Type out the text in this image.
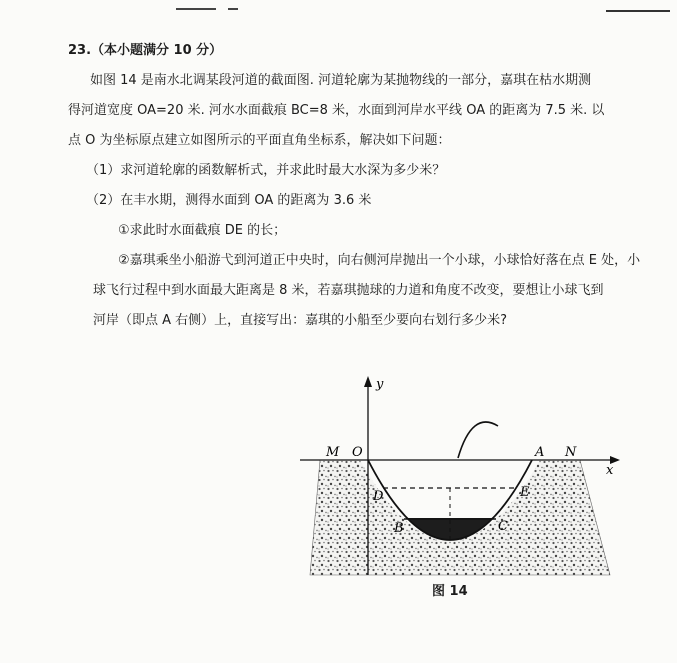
23.（本小题满分 10 分）

如图 14 是南水北调某段河道的截面图. 河道轮廓为某抛物线的一部分，嘉琪在枯水期测
得河道宽度 OA=20 米. 河水水面截痕 BC=8 米，水面到河岸水平线 OA 的距离为 7.5 米. 以
点 O 为坐标原点建立如图所示的平面直角坐标系，解决如下问题：

（1）求河道轮廓的函数解析式，并求此时最大水深为多少米？

（2）在丰水期，测得水面到 OA 的距离为 3.6 米

①求此时水面截痕 DE 的长；

②嘉琪乘坐小船游弋到河道正中央时，向右侧河岸抛出一个小球，小球恰好落在点 E 处，小
球飞行过程中到水面最大距离是 8 米，若嘉琪抛球的力道和角度不改变，要想让小球飞到
河岸（即点 A 右侧）上，直接写出：嘉琪的小船至少要向右划行多少米?

M O	A N
x
y
D	E
B	C
图 14
